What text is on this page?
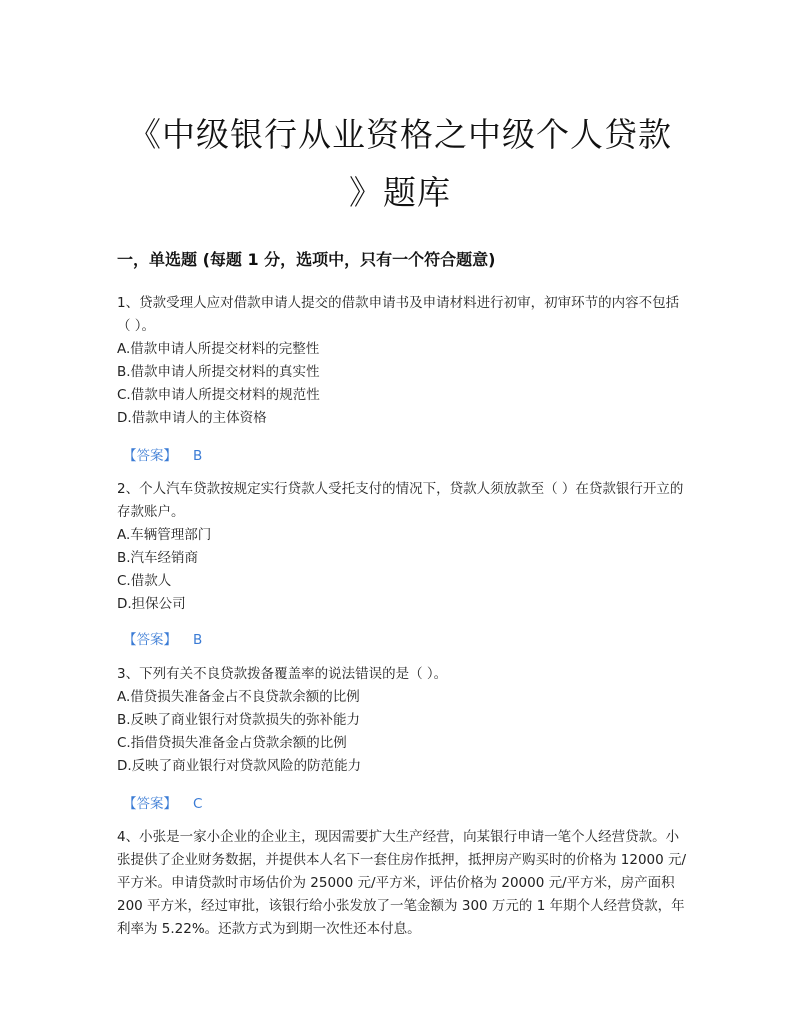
《中级银行从业资格之中级个人贷款
》题库
一，单选题 (每题 1 分，选项中，只有一个符合题意)

1、贷款受理人应对借款申请人提交的借款申请书及申请材料进行初审，初审环节的内容不包括（ ）。

A.借款申请人所提交材料的完整性

B.借款申请人所提交材料的真实性

C.借款申请人所提交材料的规范性

D.借款申请人的主体资格

【答案】 B

2、个人汽车贷款按规定实行贷款人受托支付的情况下，贷款人须放款至（ ）在贷款银行开立的存款账户。

A.车辆管理部门

B.汽车经销商

C.借款人

D.担保公司

【答案】 B

3、下列有关不良贷款拨备覆盖率的说法错误的是（ ）。

A.借贷损失准备金占不良贷款余额的比例

B.反映了商业银行对贷款损失的弥补能力

C.指借贷损失准备金占贷款余额的比例

D.反映了商业银行对贷款风险的防范能力

【答案】 C

4、小张是一家小企业的企业主，现因需要扩大生产经营，向某银行申请一笔个人经营贷款。小张提供了企业财务数据，并提供本人名下一套住房作抵押，抵押房产购买时的价格为 12000 元/平方米。申请贷款时市场估价为 25000 元/平方米，评估价格为 20000 元/平方米，房产面积 200 平方米，经过审批，该银行给小张发放了一笔金额为 300 万元的 1 年期个人经营贷款，年利率为 5.22%。还款方式为到期一次性还本付息。
